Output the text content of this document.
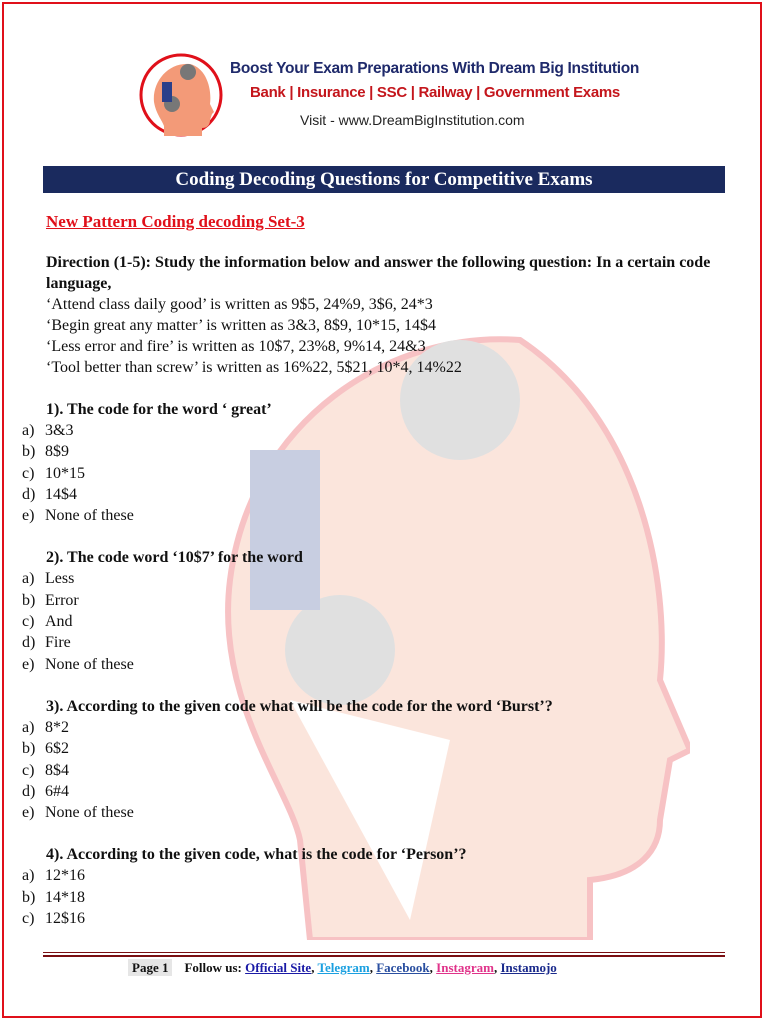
Boost Your Exam Preparations With Dream Big Institution
Bank | Insurance | SSC | Railway | Government Exams
Visit - www.DreamBigInstitution.com
Coding Decoding Questions for Competitive Exams
New Pattern Coding decoding Set-3
Direction (1-5): Study the information below and answer the following question: In a certain code language,
‘Attend class daily good’ is written as 9$5, 24%9, 3$6, 24*3
‘Begin great any matter’ is written as 3&3, 8$9, 10*15, 14$4
‘Less error and fire’ is written as 10$7, 23%8, 9%14, 24&3
‘Tool better than screw’ is written as 16%22, 5$21, 10*4, 14%22
1). The code for the word ‘ great’
a) 3&3
b) 8$9
c) 10*15
d) 14$4
e) None of these
2). The code word ‘10$7’ for the word
a) Less
b) Error
c) And
d) Fire
e) None of these
3). According to the given code what will be the code for the word ‘Burst’?
a) 8*2
b) 6$2
c) 8$4
d) 6#4
e) None of these
4). According to the given code, what is the code for ‘Person’?
a) 12*16
b) 14*18
c) 12$16
Page 1 Follow us: Official Site, Telegram, Facebook, Instagram, Instamojo
